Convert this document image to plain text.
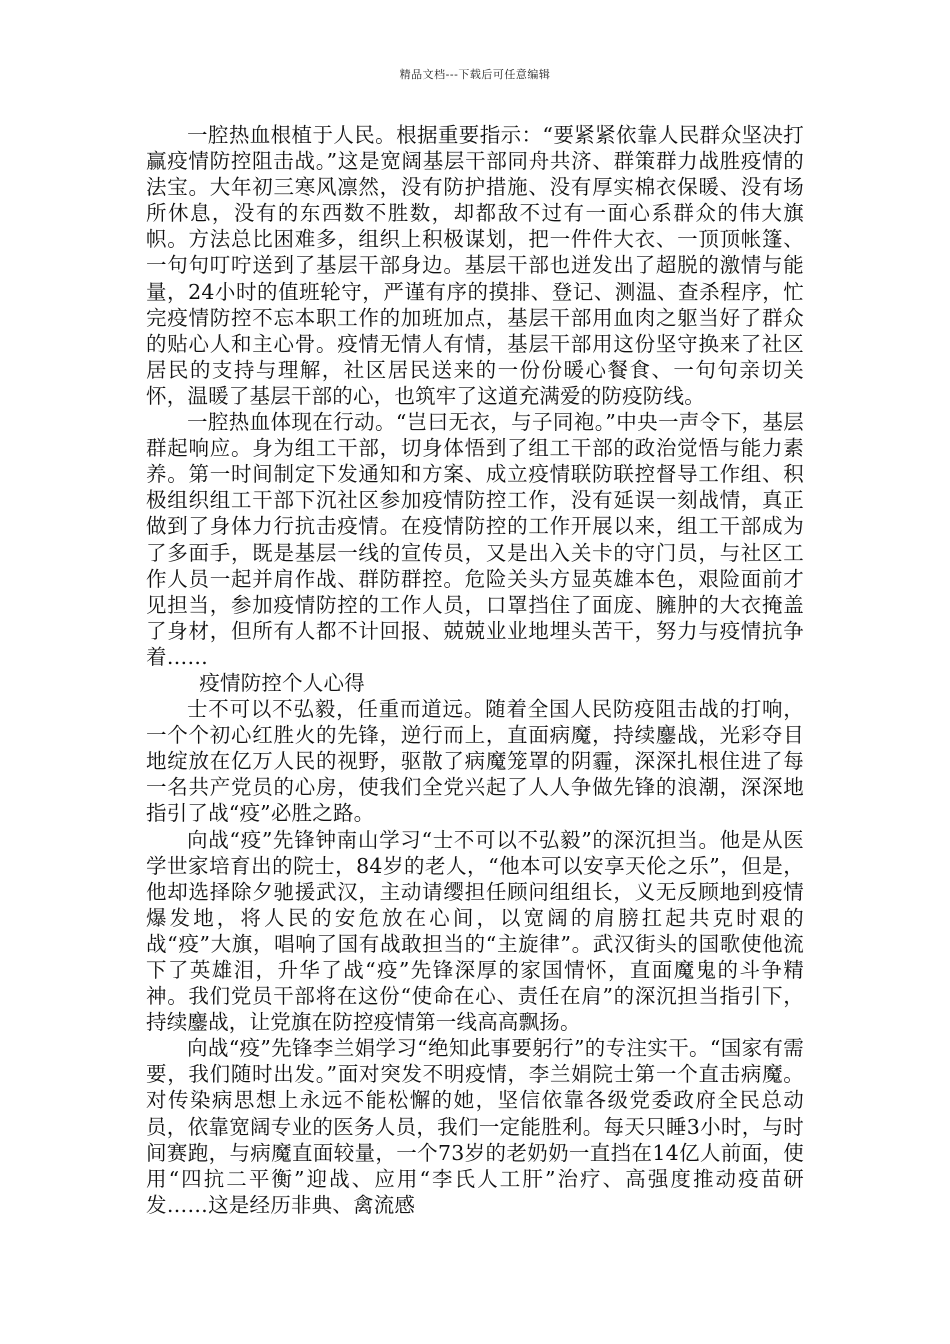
精品文档---下载后可任意编辑

一腔热血根植于人民。根据重要指示：“要紧紧依靠人民群众坚决打赢疫情防控阻击战。”这是宽阔基层干部同舟共济、群策群力战胜疫情的法宝。大年初三寒风凛然，没有防护措施、没有厚实棉衣保暖、没有场所休息，没有的东西数不胜数，却都敌不过有一面心系群众的伟大旗帜。方法总比困难多，组织上积极谋划，把一件件大衣、一顶顶帐篷、一句句叮咛送到了基层干部身边。基层干部也迸发出了超脱的激情与能量，24小时的值班轮守，严谨有序的摸排、登记、测温、查杀程序，忙完疫情防控不忘本职工作的加班加点，基层干部用血肉之躯当好了群众的贴心人和主心骨。疫情无情人有情，基层干部用这份坚守换来了社区居民的支持与理解，社区居民送来的一份份暖心餐食、一句句亲切关怀，温暖了基层干部的心，也筑牢了这道充满爱的防疫防线。

一腔热血体现在行动。“岂曰无衣，与子同袍。”中央一声令下，基层群起响应。身为组工干部，切身体悟到了组工干部的政治觉悟与能力素养。第一时间制定下发通知和方案、成立疫情联防联控督导工作组、积极组织组工干部下沉社区参加疫情防控工作，没有延误一刻战情，真正做到了身体力行抗击疫情。在疫情防控的工作开展以来，组工干部成为了多面手，既是基层一线的宣传员，又是出入关卡的守门员，与社区工作人员一起并肩作战、群防群控。危险关头方显英雄本色，艰险面前才见担当，参加疫情防控的工作人员，口罩挡住了面庞、臃肿的大衣掩盖了身材，但所有人都不计回报、兢兢业业地埋头苦干，努力与疫情抗争着……

疫情防控个人心得

士不可以不弘毅，任重而道远。随着全国人民防疫阻击战的打响，一个个初心红胜火的先锋，逆行而上，直面病魔，持续鏖战，光彩夺目地绽放在亿万人民的视野，驱散了病魔笼罩的阴霾，深深扎根住进了每一名共产党员的心房，使我们全党兴起了人人争做先锋的浪潮，深深地指引了战“疫”必胜之路。

向战“疫”先锋钟南山学习“士不可以不弘毅”的深沉担当。他是从医学世家培育出的院士，84岁的老人，“他本可以安享天伦之乐”，但是，他却选择除夕驰援武汉，主动请缨担任顾问组组长，义无反顾地到疫情爆发地，将人民的安危放在心间，以宽阔的肩膀扛起共克时艰的战“疫”大旗，唱响了国有战敢担当的“主旋律”。武汉街头的国歌使他流下了英雄泪，升华了战“疫”先锋深厚的家国情怀，直面魔鬼的斗争精神。我们党员干部将在这份“使命在心、责任在肩”的深沉担当指引下，持续鏖战，让党旗在防控疫情第一线高高飘扬。

向战“疫”先锋李兰娟学习“绝知此事要躬行”的专注实干。“国家有需要，我们随时出发。”面对突发不明疫情，李兰娟院士第一个直击病魔。对传染病思想上永远不能松懈的她，坚信依靠各级党委政府全民总动员，依靠宽阔专业的医务人员，我们一定能胜利。每天只睡3小时，与时间赛跑，与病魔直面较量，一个73岁的老奶奶一直挡在14亿人前面，使用“四抗二平衡”迎战、应用“李氏人工肝”治疗、高强度推动疫苗研发……这是经历非典、禽流感
